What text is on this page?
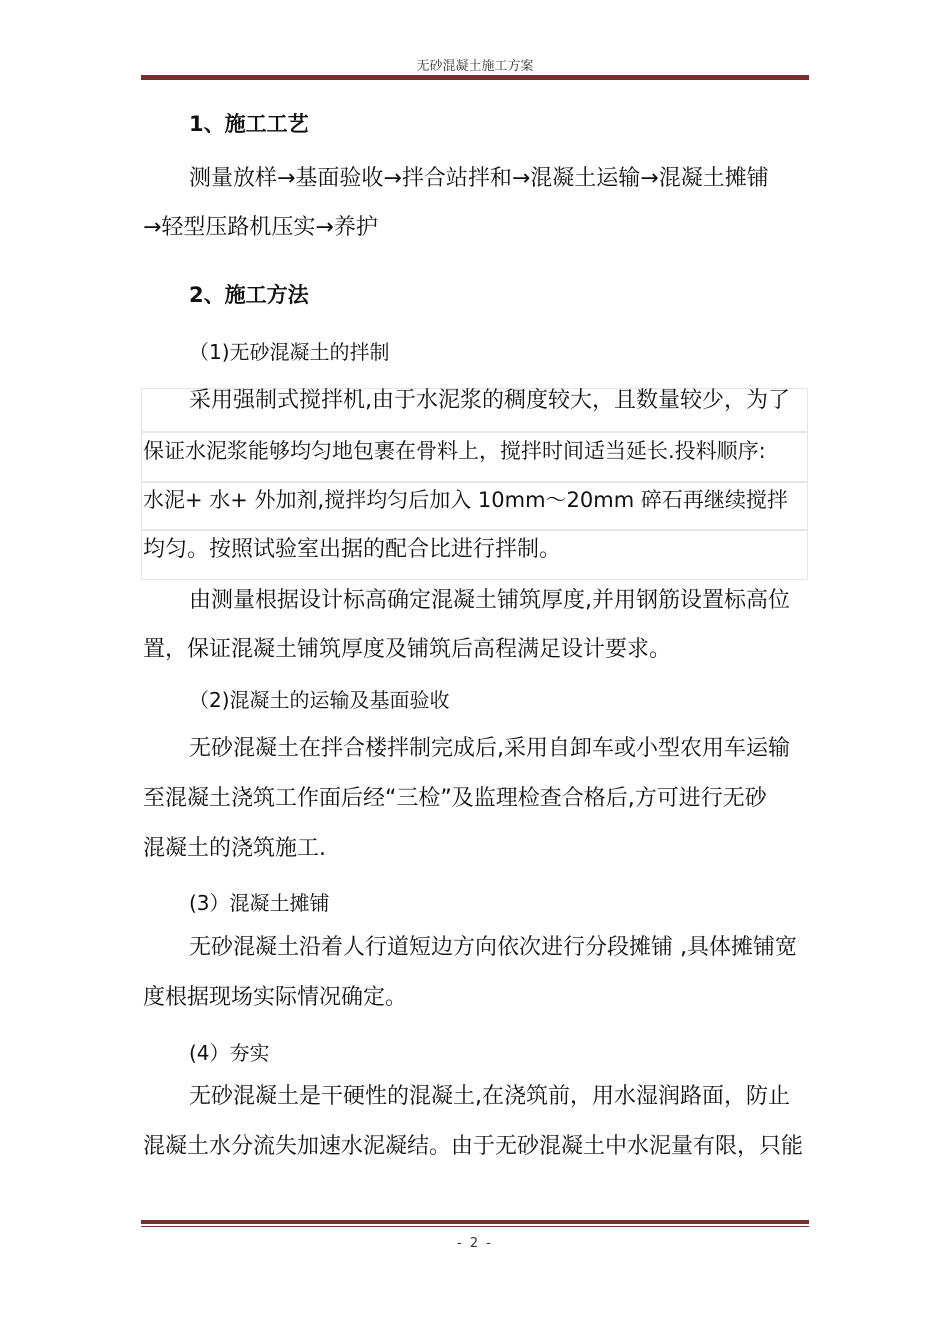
无砂混凝土施工方案
1、施工工艺
测量放样→基面验收→拌合站拌和→混凝土运输→混凝土摊铺
→轻型压路机压实→养护
2、施工方法
（1)无砂混凝土的拌制
采用强制式搅拌机,由于水泥浆的稠度较大，且数量较少，为了
保证水泥浆能够均匀地包裹在骨料上，搅拌时间适当延长.投料顺序:
水泥+ 水+ 外加剂,搅拌均匀后加入 10mm～20mm 碎石再继续搅拌
均匀。按照试验室出据的配合比进行拌制。
由测量根据设计标高确定混凝土铺筑厚度,并用钢筋设置标高位
置，保证混凝土铺筑厚度及铺筑后高程满足设计要求。
（2)混凝土的运输及基面验收
无砂混凝土在拌合楼拌制完成后,采用自卸车或小型农用车运输
至混凝土浇筑工作面后经“三检”及监理检查合格后,方可进行无砂
混凝土的浇筑施工.
(3）混凝土摊铺
无砂混凝土沿着人行道短边方向依次进行分段摊铺 ,具体摊铺宽
度根据现场实际情况确定。
(4）夯实
无砂混凝土是干硬性的混凝土,在浇筑前，用水湿润路面，防止
混凝土水分流失加速水泥凝结。由于无砂混凝土中水泥量有限，只能
- 2 -
